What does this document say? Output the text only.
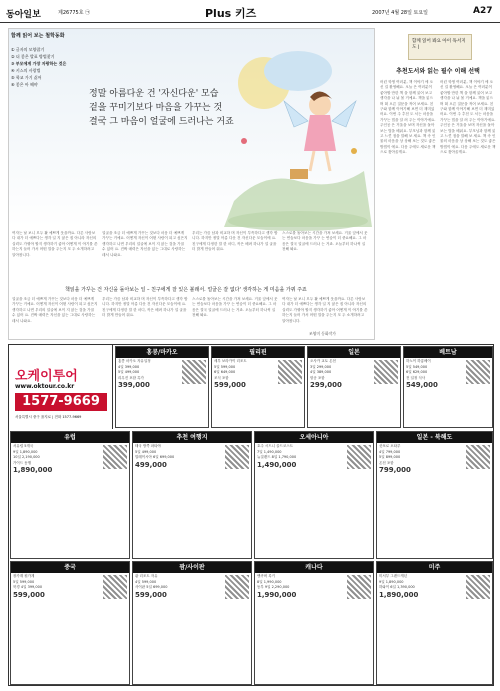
동아일보	제26775호 ㉠	Plus 키즈	2007년 4월 28일 토요일	A27
함께 읽어 보는 철학동화
① 글자의 모양잡기
② 더 좋은 발표 방법찾기
③ 부모에게 가장 자랑하는 것은
④ 키스의 사랑법
⑤ 학교 가기 싫어
⑥ 좋은 아 해야
정말 아름다운 건 '자신다운' 모습
겉을 꾸미기보다 마음을 가꾸는 것
결국 그 마음이 얼굴에 드러나는 거죠
여자는 날 보니 모두 활 예쁘게 웃을까요. 다른 사람보다 내가 더 예쁘다는 생각 일 지 않은 집 아니라 자신의 실력도 가꿔야 할지 생각하기 좋아 어떻게 이 야기를 쓴 하는지 들어 가서 어떤 말을 주는지 모 두 소개하려고 알아봅니다.
얼굴을 조금 더 예쁘게 가꾸는 것보다 마음 더 예쁘게 가꾸는 거예요. 어떻게 자신이 어떤 사람이 되고 싶은지 생각하고 나면 우리의 얼굴에 보이 지 않는 것을 가꿀 수 있어 요. 진짜 매력은 자신을 있는 그대로 사랑하는 데서 나와요.
우리는 가끔 남과 비교하 며 자신이 부족하다고 생각 합니다. 하지만 정말 아름 다운 건 자신다운 모습이에 요. 친구에게 다정한 말 한 마디, 작은 배려 하나가 얼 굴을 더 밝게 만들어 줘요.
스스로를 돌아보는 시간을 가져 보세요. 거울 앞에서 웃는 연습보다 마음을 가꾸 는 연습이 더 중요해요. 그 마음은 결국 얼굴에 드러나 는 거죠. 오늘부터 하나씩 실천해 봐요.
책읽을 가꾸는 건 자신을 돌아보는 일 – 친구에게 잘 있은 볼래서. 얼굴은 잘 없다' 생각하는 게 미음을 가꿔 주죠
얼굴을 조금 더 예쁘게 가꾸는 것보다 마음 더 예쁘게 가꾸는 거예요. 어떻게 자신이 어떤 사람이 되고 싶은지 생각하고 나면 우리의 얼굴에 보이 지 않는 것을 가꿀 수 있어 요. 진짜 매력은 자신을 있는 그대로 사랑하는 데서 나와요.
우리는 가끔 남과 비교하 며 자신이 부족하다고 생각 합니다. 하지만 정말 아름 다운 건 자신다운 모습이에 요. 친구에게 다정한 말 한 마디, 작은 배려 하나가 얼 굴을 더 밝게 만들어 줘요.
스스로를 돌아보는 시간을 가져 보세요. 거울 앞에서 웃는 연습보다 마음을 가꾸 는 연습이 더 중요해요. 그 마음은 결국 얼굴에 드러나 는 거죠. 오늘부터 하나씩 실천해 봐요.
여자는 날 보니 모두 활 예쁘게 웃을까요. 다른 사람보다 내가 더 예쁘다는 생각 일 지 않은 집 아니라 자신의 실력도 가꿔야 할지 생각하기 좋아 어떻게 이 야기를 쓴 하는지 들어 가서 어떤 말을 주는지 모 두 소개하려고 알아봅니다.
조영미 동화작가
함께 읽어 봐요 아이 독서지도 |
추천도서와 읽는 필수 이해 선택
어린 학생 여러분, 책 이야기 에 오신 걸 환영해요. 오늘 은 여러분이 좋아할 만한 책 을 함께 읽어 보고 생각을 나 눠 볼 거예요. 책을 읽으며 떠 오른 질문을 적어 보세요. 친 구와 함께 이야기해 보면 더 재미있어요. 이번 주 추천 도 서는 마음을 가꾸는 법을 알 려 주는 이야기예요. 주인공 은 거울을 보며 자신을 돌아 보는 법을 배워요. 부모님과 함께 읽고 느낀 점을 말해 보 세요. 책 속 인물의 마음을 상 상해 보는 것도 좋은 방법이 에요. 다음 주에도 새로운 책 으로 찾아올게요.
어린 학생 여러분, 책 이야기 에 오신 걸 환영해요. 오늘 은 여러분이 좋아할 만한 책 을 함께 읽어 보고 생각을 나 눠 볼 거예요. 책을 읽으며 떠 오른 질문을 적어 보세요. 친 구와 함께 이야기해 보면 더 재미있어요. 이번 주 추천 도 서는 마음을 가꾸는 법을 알 려 주는 이야기예요. 주인공 은 거울을 보며 자신을 돌아 보는 법을 배워요. 부모님과 함께 읽고 느낀 점을 말해 보 세요. 책 속 인물의 마음을 상 상해 보는 것도 좋은 방법이 에요. 다음 주에도 새로운 책 으로 찾아올게요.
오케이투어
www.oktour.co.kr
1577-9669
서울특별시 중구 을지로 | 전화 1577-9669
홍콩/마카오
홍콩 마카오 자유일정
4일 399,000
5일 499,000
리무진 포함 특가
399,000
필리핀
세부 보라카이 리조트
5일 599,000
6일 649,000
조식 포함
599,000
일본
오사카 교토 온천
3일 299,000
4일 389,000
항공 포함
299,000
베트남
하노이 하롱베이
5일 549,000
6일 629,000
전 일정 식사
549,000
유럽
서유럽 5개국
9일 1,890,000
10일 2,190,000
가이드 동행
1,890,000
추천 여행지
태국 방콕 파타야
5일 499,000
말레이시아 6일 699,000
499,000
오세아니아
호주 시드니 골드코스트
7일 1,490,000
뉴질랜드 8일 1,790,000
1,490,000
일본 - 북해도
삿포로 오타루
4일 799,000
5일 899,000
온천 포함
799,000
중국
장가계 원가계
5일 599,000
북경 4일 399,000
599,000
괌/사이판
괌 리조트 자유
4일 599,000
사이판 5일 699,000
599,000
캐나다
밴쿠버 록키
8일 1,990,000
동부 9일 2,290,000
1,990,000
미주
미서부 그랜드캐년
9일 1,890,000
하와이 6일 1,390,000
1,890,000
